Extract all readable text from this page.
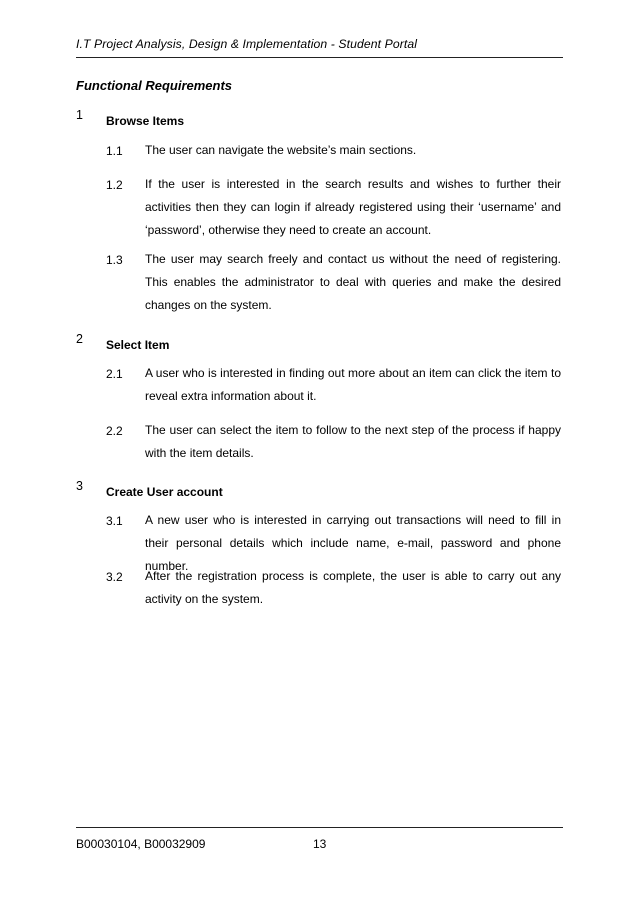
I.T Project Analysis, Design & Implementation - Student Portal
Functional Requirements
1 Browse Items
1.1 The user can navigate the website’s main sections.
1.2 If the user is interested in the search results and wishes to further their activities then they can login if already registered using their ‘username’ and ‘password’, otherwise they need to create an account.
1.3 The user may search freely and contact us without the need of registering. This enables the administrator to deal with queries and make the desired changes on the system.
2 Select Item
2.1 A user who is interested in finding out more about an item can click the item to reveal extra information about it.
2.2 The user can select the item to follow to the next step of the process if happy with the item details.
3 Create User account
3.1 A new user who is interested in carrying out transactions will need to fill in their personal details which include name, e-mail, password and phone number.
3.2 After the registration process is complete, the user is able to carry out any activity on the system.
B00030104, B00032909	13
